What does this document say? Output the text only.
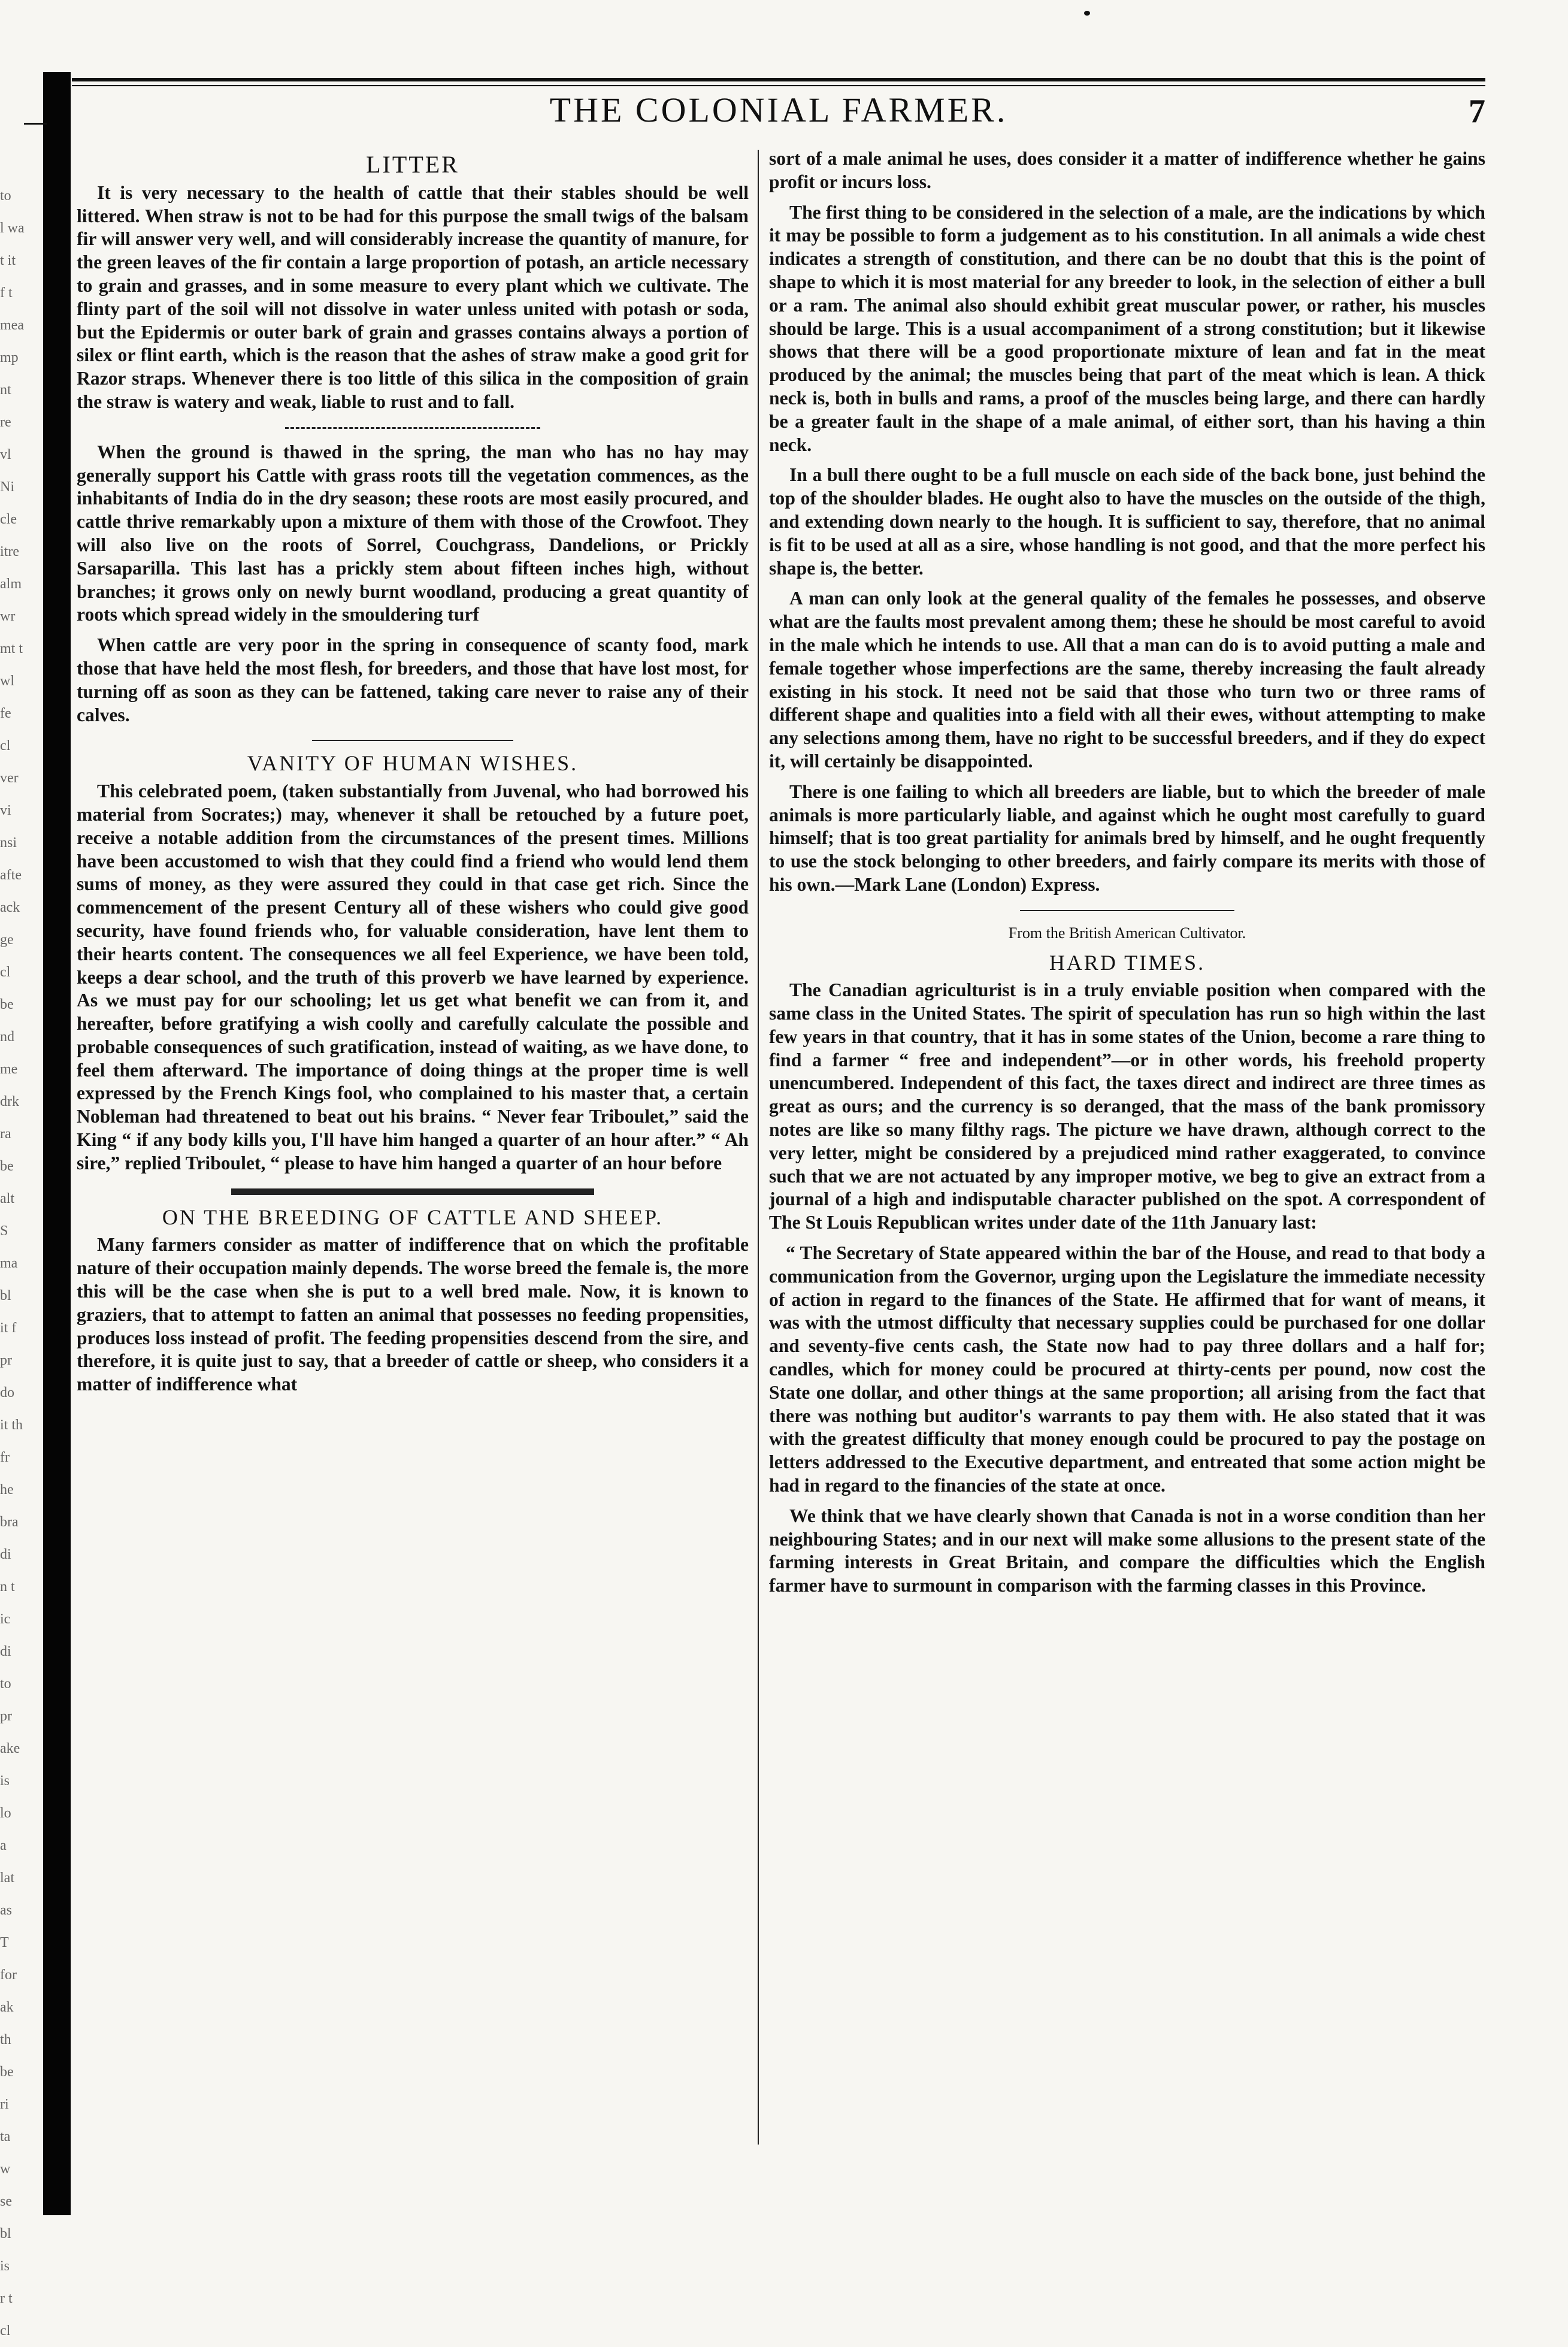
to
l wa
t it
f t
mea
mp
nt
re
vl
Ni
cle
itre
alm
wr
mt t
wl
fe
cl
ver
vi
nsi
afte
ack
ge
cl
be
nd
me
drk
ra
be
alt
S
ma
bl
it f
pr
do
it th
fr
he
bra
di
n t
ic
di
to
pr
ake
is
lo
a
lat
as
T
for
ak
th
be
ri
ta
w
se
bl
is
r t
cl
THE COLONIAL FARMER.	7
LITTER

It is very necessary to the health of cattle that their stables should be well littered. When straw is not to be had for this purpose the small twigs of the balsam fir will answer very well, and will considerably increase the quantity of manure, for the green leaves of the fir contain a large proportion of potash, an article necessary to grain and grasses, and in some measure to every plant which we cultivate. The flinty part of the soil will not dissolve in water unless united with potash or soda, but the Epidermis or outer bark of grain and grasses contains always a portion of silex or flint earth, which is the reason that the ashes of straw make a good grit for Razor straps. Whenever there is too little of this silica in the composition of grain the straw is watery and weak, liable to rust and to fall.

When the ground is thawed in the spring, the man who has no hay may generally support his Cattle with grass roots till the vegetation commences, as the inhabitants of India do in the dry season; these roots are most easily procured, and cattle thrive remarkably upon a mixture of them with those of the Crowfoot. They will also live on the roots of Sorrel, Couchgrass, Dandelions, or Prickly Sarsaparilla. This last has a prickly stem about fifteen inches high, without branches; it grows only on newly burnt woodland, producing a great quantity of roots which spread widely in the smouldering turf

When cattle are very poor in the spring in consequence of scanty food, mark those that have held the most flesh, for breeders, and those that have lost most, for turning off as soon as they can be fattened, taking care never to raise any of their calves.

VANITY OF HUMAN WISHES.

This celebrated poem, (taken substantially from Juvenal, who had borrowed his material from Socrates;) may, whenever it shall be retouched by a future poet, receive a notable addition from the circumstances of the present times. Millions have been accustomed to wish that they could find a friend who would lend them sums of money, as they were assured they could in that case get rich. Since the commencement of the present Century all of these wishers who could give good security, have found friends who, for valuable consideration, have lent them to their hearts content. The consequences we all feel Experience, we have been told, keeps a dear school, and the truth of this proverb we have learned by experience. As we must pay for our schooling; let us get what benefit we can from it, and hereafter, before gratifying a wish coolly and carefully calculate the possible and probable consequences of such gratification, instead of waiting, as we have done, to feel them afterward. The importance of doing things at the proper time is well expressed by the French Kings fool, who complained to his master that, a certain Nobleman had threatened to beat out his brains. “ Never fear Triboulet,” said the King “ if any body kills you, I'll have him hanged a quarter of an hour after.” “ Ah sire,” replied Triboulet, “ please to have him hanged a quarter of an hour before

ON THE BREEDING OF CATTLE AND SHEEP.

Many farmers consider as matter of indifference that on which the profitable nature of their occupation mainly depends. The worse breed the female is, the more this will be the case when she is put to a well bred male. Now, it is known to graziers, that to attempt to fatten an animal that possesses no feeding propensities, produces loss instead of profit. The feeding propensities descend from the sire, and therefore, it is quite just to say, that a breeder of cattle or sheep, who considers it a matter of indifference what

sort of a male animal he uses, does consider it a matter of indifference whether he gains profit or incurs loss.

The first thing to be considered in the selection of a male, are the indications by which it may be possible to form a judgement as to his constitution. In all animals a wide chest indicates a strength of constitution, and there can be no doubt that this is the point of shape to which it is most material for any breeder to look, in the selection of either a bull or a ram. The animal also should exhibit great muscular power, or rather, his muscles should be large. This is a usual accompaniment of a strong constitution; but it likewise shows that there will be a good proportionate mixture of lean and fat in the meat produced by the animal; the muscles being that part of the meat which is lean. A thick neck is, both in bulls and rams, a proof of the muscles being large, and there can hardly be a greater fault in the shape of a male animal, of either sort, than his having a thin neck.

In a bull there ought to be a full muscle on each side of the back bone, just behind the top of the shoulder blades. He ought also to have the muscles on the outside of the thigh, and extending down nearly to the hough. It is sufficient to say, therefore, that no animal is fit to be used at all as a sire, whose handling is not good, and that the more perfect his shape is, the better.

A man can only look at the general quality of the females he possesses, and observe what are the faults most prevalent among them; these he should be most careful to avoid in the male which he intends to use. All that a man can do is to avoid putting a male and female together whose imperfections are the same, thereby increasing the fault already existing in his stock. It need not be said that those who turn two or three rams of different shape and qualities into a field with all their ewes, without attempting to make any selections among them, have no right to be successful breeders, and if they do expect it, will certainly be disappointed.

There is one failing to which all breeders are liable, but to which the breeder of male animals is more particularly liable, and against which he ought most carefully to guard himself; that is too great partiality for animals bred by himself, and he ought frequently to use the stock belonging to other breeders, and fairly compare its merits with those of his own.—Mark Lane (London) Express.

From the British American Cultivator.
HARD TIMES.

The Canadian agriculturist is in a truly enviable position when compared with the same class in the United States. The spirit of speculation has run so high within the last few years in that country, that it has in some states of the Union, become a rare thing to find a farmer “ free and independent”—or in other words, his freehold property unencumbered. Independent of this fact, the taxes direct and indirect are three times as great as ours; and the currency is so deranged, that the mass of the bank promissory notes are like so many filthy rags. The picture we have drawn, although correct to the very letter, might be considered by a prejudiced mind rather exaggerated, to convince such that we are not actuated by any improper motive, we beg to give an extract from a journal of a high and indisputable character published on the spot. A correspondent of The St Louis Republican writes under date of the 11th January last:

“ The Secretary of State appeared within the bar of the House, and read to that body a communication from the Governor, urging upon the Legislature the immediate necessity of action in regard to the finances of the State. He affirmed that for want of means, it was with the utmost difficulty that necessary supplies could be purchased for one dollar and seventy-five cents cash, the State now had to pay three dollars and a half for; candles, which for money could be procured at thirty-cents per pound, now cost the State one dollar, and other things at the same proportion; all arising from the fact that there was nothing but auditor's warrants to pay them with. He also stated that it was with the greatest difficulty that money enough could be procured to pay the postage on letters addressed to the Executive department, and entreated that some action might be had in regard to the financies of the state at once.

We think that we have clearly shown that Canada is not in a worse condition than her neighbouring States; and in our next will make some allusions to the present state of the farming interests in Great Britain, and compare the difficulties which the English farmer have to surmount in comparison with the farming classes in this Province.
